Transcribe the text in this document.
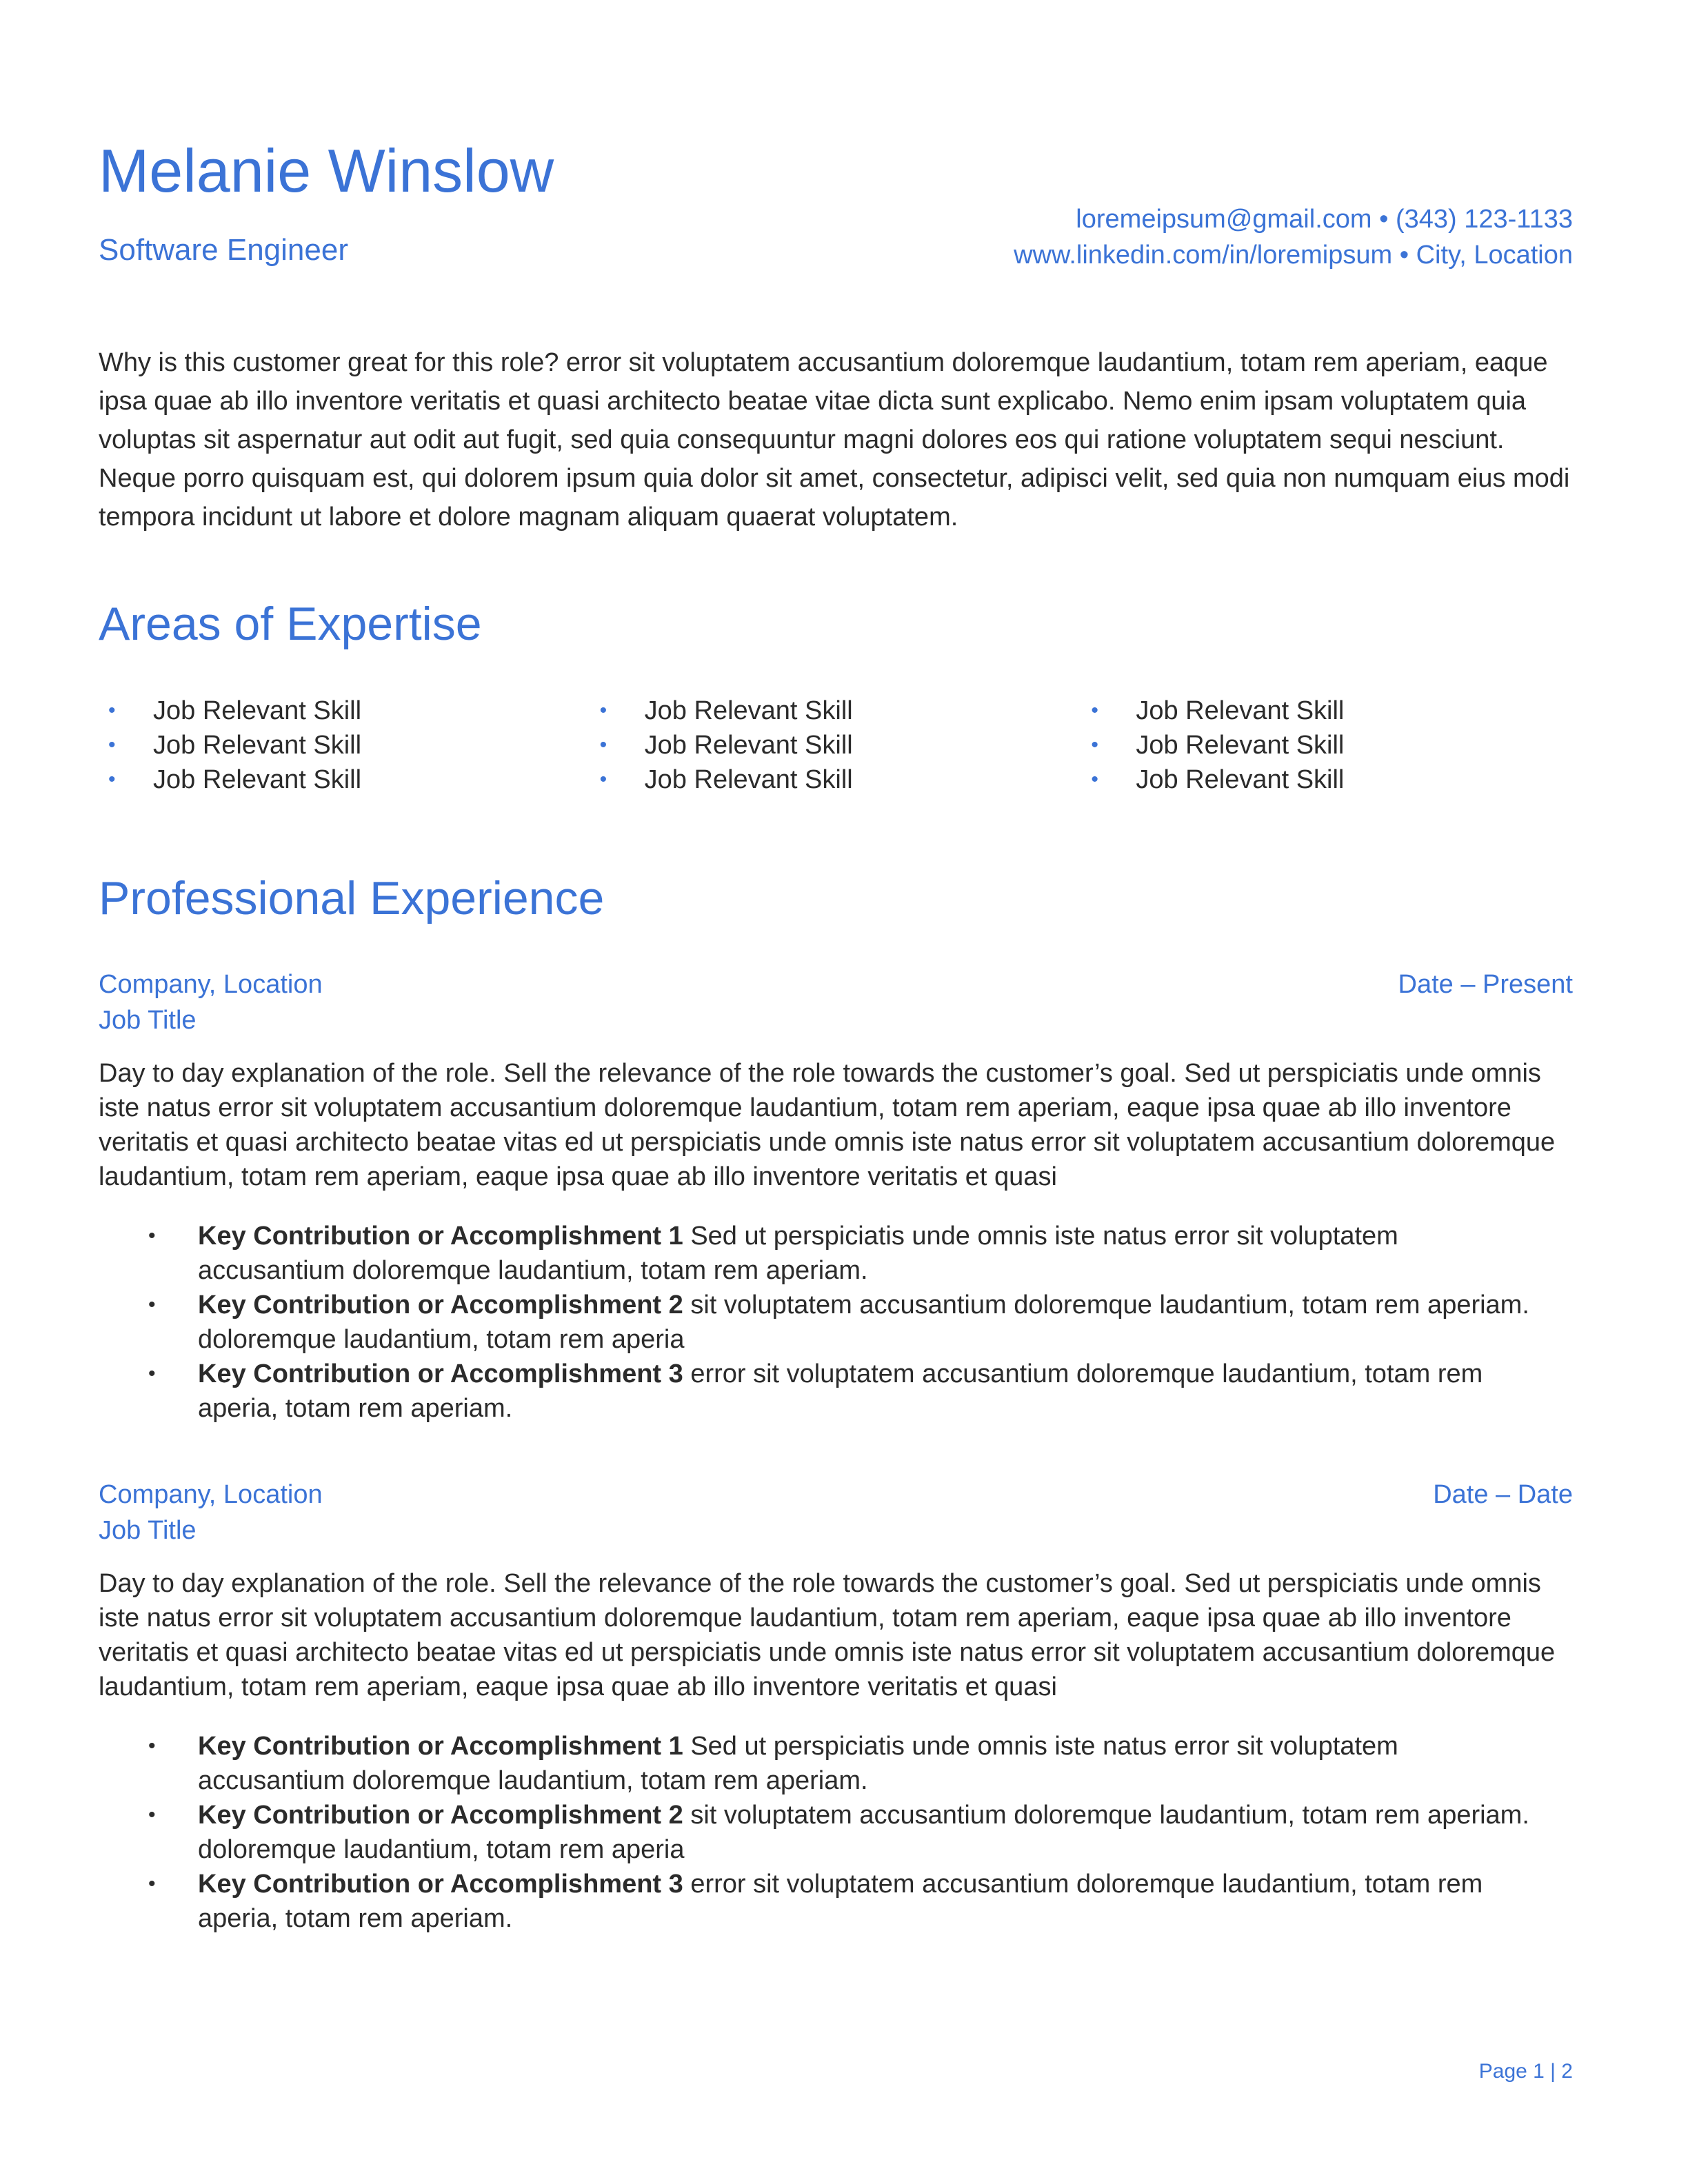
Melanie Winslow
Software Engineer
loremeipsum@gmail.com • (343) 123-1133
www.linkedin.com/in/loremipsum • City, Location

Why is this customer great for this role? error sit voluptatem accusantium doloremque laudantium, totam rem aperiam, eaque ipsa quae ab illo inventore veritatis et quasi architecto beatae vitae dicta sunt explicabo. Nemo enim ipsam voluptatem quia voluptas sit aspernatur aut odit aut fugit, sed quia consequuntur magni dolores eos qui ratione voluptatem sequi nesciunt. Neque porro quisquam est, qui dolorem ipsum quia dolor sit amet, consectetur, adipisci velit, sed quia non numquam eius modi tempora incidunt ut labore et dolore magnam aliquam quaerat voluptatem.

Areas of Expertise
• Job Relevant Skill
• Job Relevant Skill
• Job Relevant Skill
• Job Relevant Skill
• Job Relevant Skill
• Job Relevant Skill
• Job Relevant Skill
• Job Relevant Skill
• Job Relevant Skill
Professional Experience
Company, Location
Job Title
Date – Present

Day to day explanation of the role. Sell the relevance of the role towards the customer’s goal. Sed ut perspiciatis unde omnis iste natus error sit voluptatem accusantium doloremque laudantium, totam rem aperiam, eaque ipsa quae ab illo inventore veritatis et quasi architecto beatae vitas ed ut perspiciatis unde omnis iste natus error sit voluptatem accusantium doloremque laudantium, totam rem aperiam, eaque ipsa quae ab illo inventore veritatis et quasi

• Key Contribution or Accomplishment 1 Sed ut perspiciatis unde omnis iste natus error sit voluptatem accusantium doloremque laudantium, totam rem aperiam.
• Key Contribution or Accomplishment 2 sit voluptatem accusantium doloremque laudantium, totam rem aperiam. doloremque laudantium, totam rem aperia
• Key Contribution or Accomplishment 3 error sit voluptatem accusantium doloremque laudantium, totam rem aperia, totam rem aperiam.
Company, Location
Job Title
Date – Date

Day to day explanation of the role. Sell the relevance of the role towards the customer’s goal. Sed ut perspiciatis unde omnis iste natus error sit voluptatem accusantium doloremque laudantium, totam rem aperiam, eaque ipsa quae ab illo inventore veritatis et quasi architecto beatae vitas ed ut perspiciatis unde omnis iste natus error sit voluptatem accusantium doloremque laudantium, totam rem aperiam, eaque ipsa quae ab illo inventore veritatis et quasi

• Key Contribution or Accomplishment 1 Sed ut perspiciatis unde omnis iste natus error sit voluptatem accusantium doloremque laudantium, totam rem aperiam.
• Key Contribution or Accomplishment 2 sit voluptatem accusantium doloremque laudantium, totam rem aperiam. doloremque laudantium, totam rem aperia
• Key Contribution or Accomplishment 3 error sit voluptatem accusantium doloremque laudantium, totam rem aperia, totam rem aperiam.
Page 1 | 2
